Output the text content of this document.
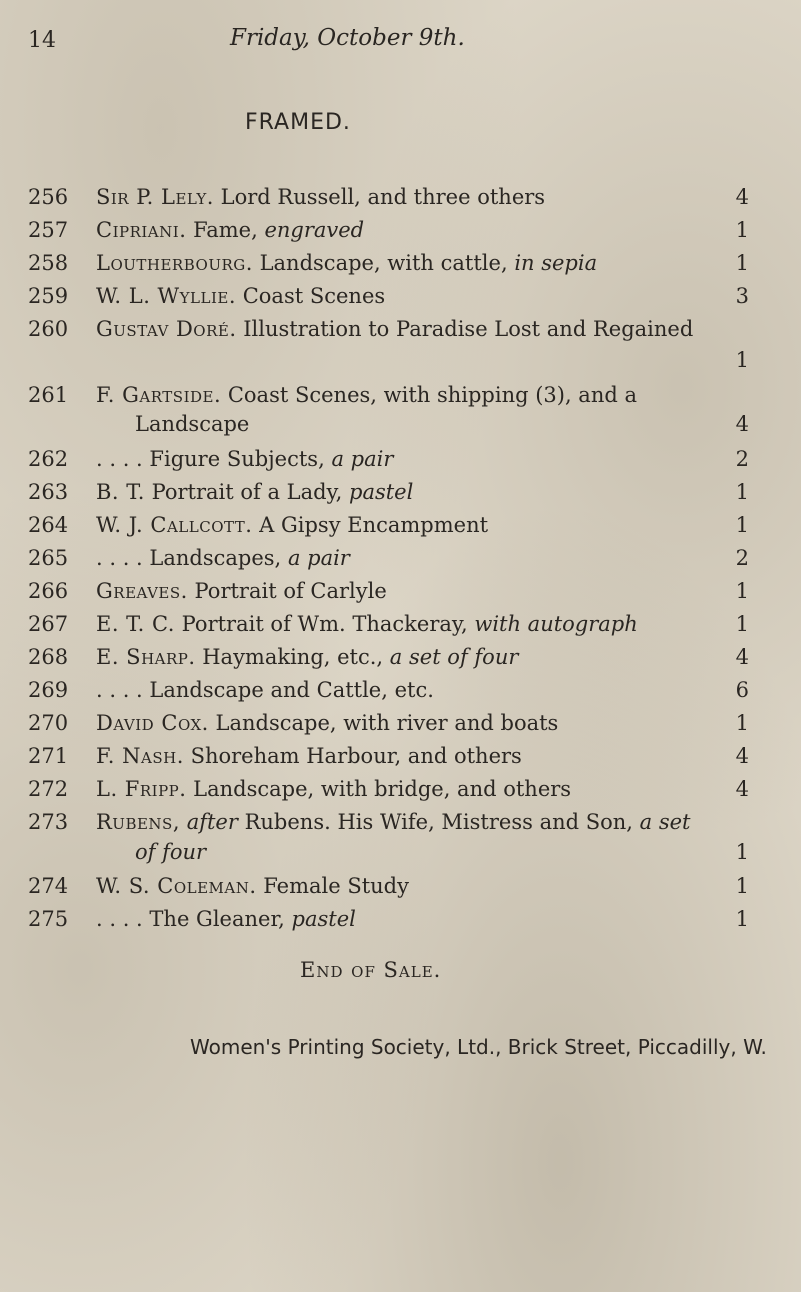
14	Friday, October 9th.
FRAMED.
256 Sir P. Lely. Lord Russell, and three others	4
257 Cipriani. Fame, engraved	1
258 Loutherbourg. Landscape, with cattle, in sepia	1
259 W. L. Wyllie. Coast Scenes	3
260 Gustav Doré. Illustration to Paradise Lost and Regained
1
261 F. Gartside. Coast Scenes, with shipping (3), and a
Landscape	4
262 . . . . Figure Subjects, a pair	2
263 B. T. Portrait of a Lady, pastel	1
264 W. J. Callcott. A Gipsy Encampment	1
265 . . . . Landscapes, a pair	2
266 Greaves. Portrait of Carlyle	1
267 E. T. C. Portrait of Wm. Thackeray, with autograph	1
268 E. Sharp. Haymaking, etc., a set of four	4
269 . . . . Landscape and Cattle, etc.	6
270 David Cox. Landscape, with river and boats	1
271 F. Nash. Shoreham Harbour, and others	4
272 L. Fripp. Landscape, with bridge, and others	4
273 Rubens, after Rubens. His Wife, Mistress and Son, a set
of four	1
274 W. S. Coleman. Female Study	1
275 . . . . The Gleaner, pastel	1
End of Sale.
Women's Printing Society, Ltd., Brick Street, Piccadilly, W.
